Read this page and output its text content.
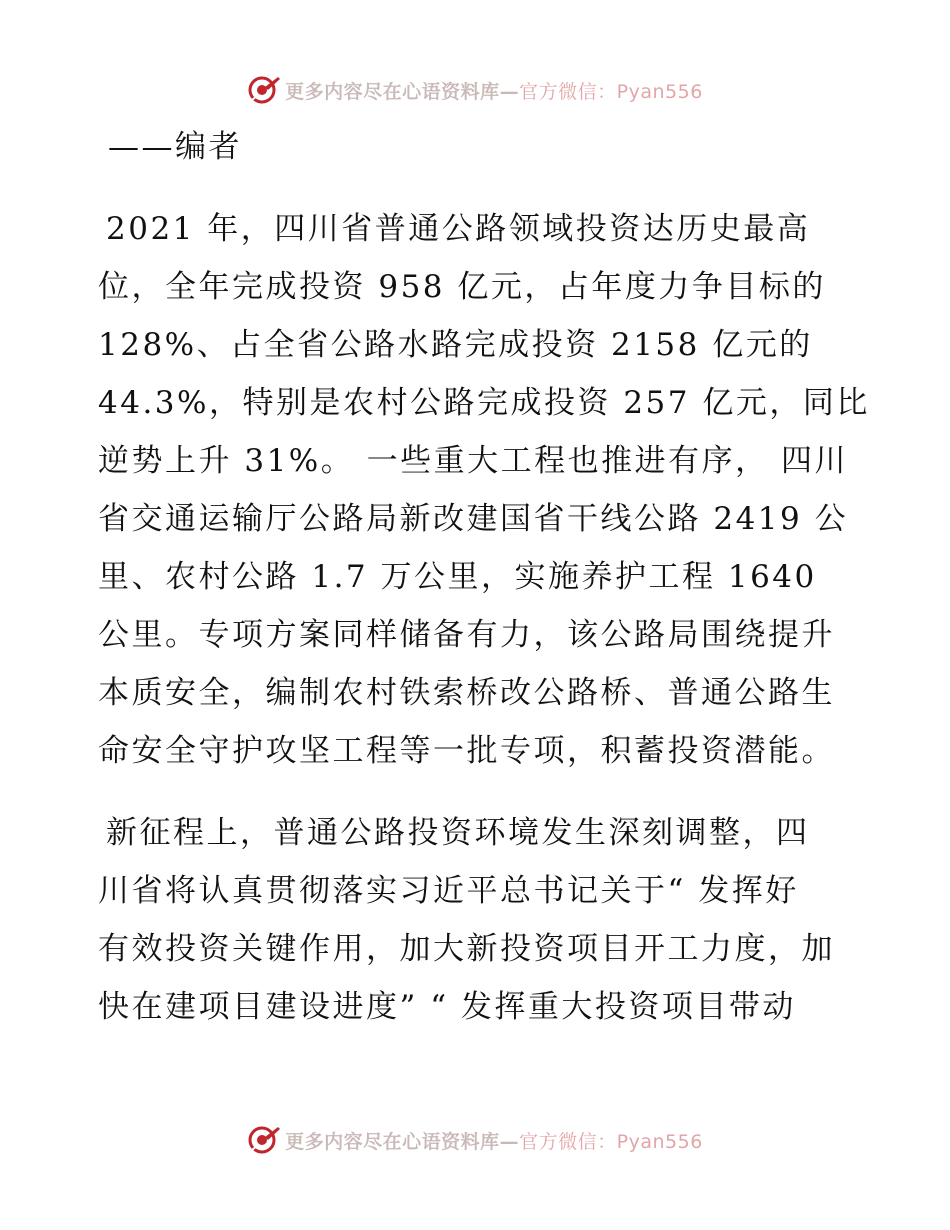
更多内容尽在心语资料库— 官方微信：Pyan556
——编者
2021 年，四川省普通公路领域投资达历史最高
位，全年完成投资 958 亿元，占年度力争目标的
128%、占全省公路水路完成投资 2158 亿元的
44.3%，特别是农村公路完成投资 257 亿元，同比
逆势上升 31%。 一些重大工程也推进有序， 四川
省交通运输厅公路局新改建国省干线公路 2419 公
里、农村公路 1.7 万公里，实施养护工程 1640
公里。专项方案同样储备有力，该公路局围绕提升
本质安全，编制农村铁索桥改公路桥、普通公路生
命安全守护攻坚工程等一批专项，积蓄投资潜能。
新征程上，普通公路投资环境发生深刻调整，四
川省将认真贯彻落实习近平总书记关于“ 发挥好
有效投资关键作用，加大新投资项目开工力度，加
快在建项目建设进度” “ 发挥重大投资项目带动
更多内容尽在心语资料库— 官方微信：Pyan556
